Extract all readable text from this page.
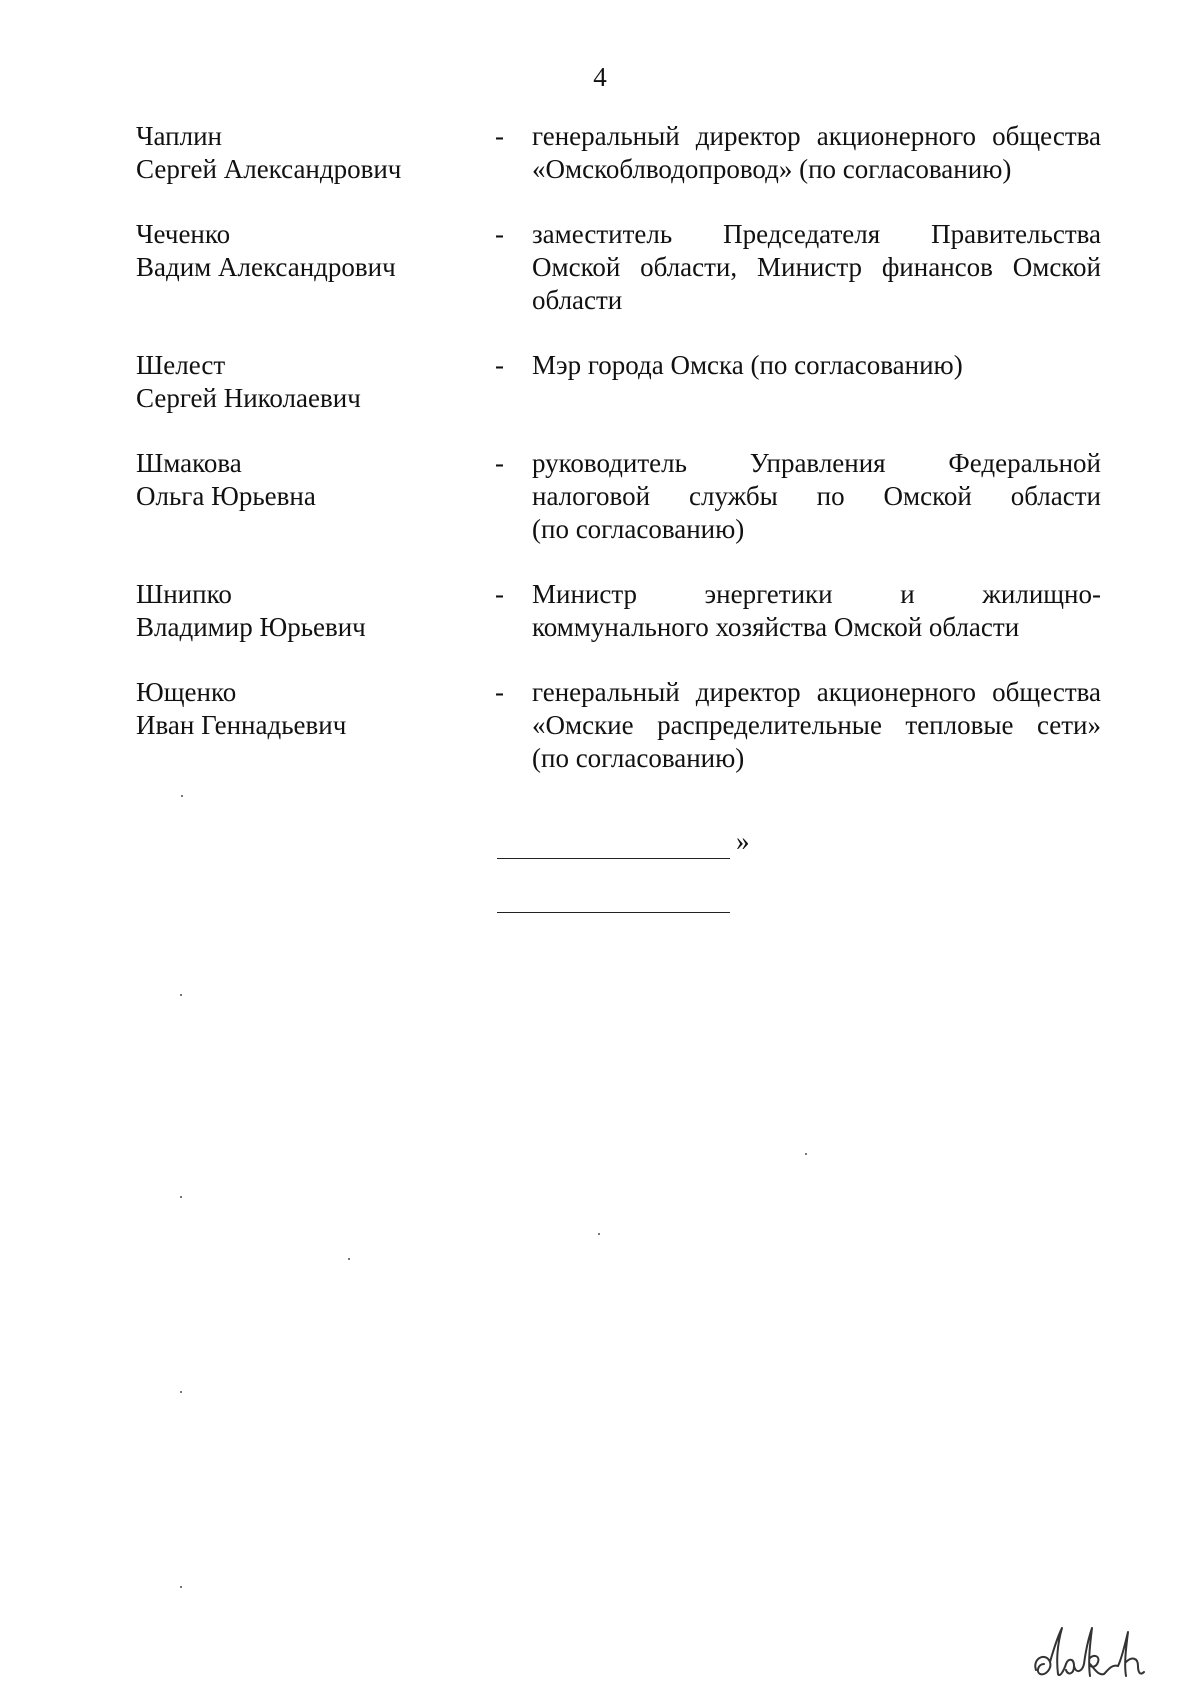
4
Чаплин
Сергей Александрович
- генеральный директор акционерного общества
«Омскоблводопровод» (по согласованию)
Чеченко
Вадим Александрович
- заместитель Председателя Правительства
Омской области, Министр финансов Омской
области
Шелест
Сергей Николаевич
- Мэр города Омска (по согласованию)
Шмакова
Ольга Юрьевна
- руководитель Управления Федеральной
налоговой службы по Омской области
(по согласованию)
Шнипко
Владимир Юрьевич
- Министр энергетики и жилищно-
коммунального хозяйства Омской области
Ющенко
Иван Геннадьевич
- генеральный директор акционерного общества
«Омские распределительные тепловые сети»
(по согласованию)
»
